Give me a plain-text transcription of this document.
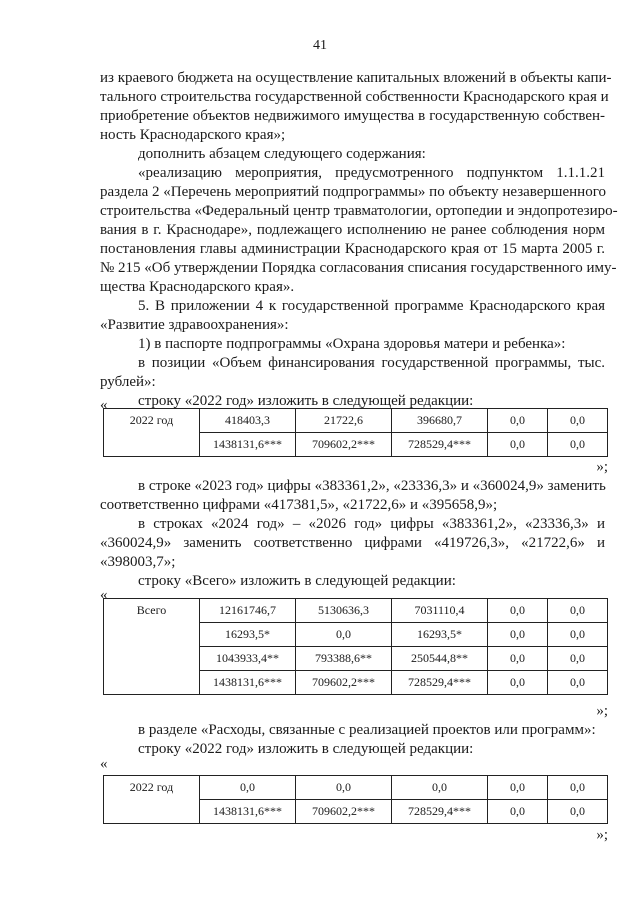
41
из краевого бюджета на осуществление капитальных вложений в объекты капи-
тального строительства государственной собственности Краснодарского края и
приобретение объектов недвижимого имущества в государственную собствен-
ность Краснодарского края»;
дополнить абзацем следующего содержания:
«реализацию мероприятия, предусмотренного подпунктом 1.1.1.21
раздела 2 «Перечень мероприятий подпрограммы» по объекту незавершенного
строительства «Федеральный центр травматологии, ортопедии и эндопротезиро-
вания в г. Краснодаре», подлежащего исполнению не ранее соблюдения норм
постановления главы администрации Краснодарского края от 15 марта 2005 г.
№ 215 «Об утверждении Порядка согласования списания государственного иму-
щества Краснодарского края».
5. В приложении 4 к государственной программе Краснодарского края
«Развитие здравоохранения»:
1) в паспорте подпрограммы «Охрана здоровья матери и ребенка»:
в позиции «Объем финансирования государственной программы, тыс.
рублей»:
строку «2022 год» изложить в следующей редакции:
«
2022 год	418403,3	21722,6	396680,7	0,0	0,0
	1438131,6***	709602,2***	728529,4***	0,0	0,0
»;
в строке «2023 год» цифры «383361,2», «23336,3» и «360024,9» заменить
соответственно цифрами «417381,5», «21722,6» и «395658,9»;
в строках «2024 год» – «2026 год» цифры «383361,2», «23336,3» и
«360024,9» заменить соответственно цифрами «419726,3», «21722,6» и
«398003,7»;
строку «Всего» изложить в следующей редакции:
«
Всего	12161746,7	5130636,3	7031110,4	0,0	0,0
	16293,5*	0,0	16293,5*	0,0	0,0
	1043933,4**	793388,6**	250544,8**	0,0	0,0
	1438131,6***	709602,2***	728529,4***	0,0	0,0
»;
в разделе «Расходы, связанные с реализацией проектов или программ»:
строку «2022 год» изложить в следующей редакции:
«
2022 год	0,0	0,0	0,0	0,0	0,0
	1438131,6***	709602,2***	728529,4***	0,0	0,0
»;
